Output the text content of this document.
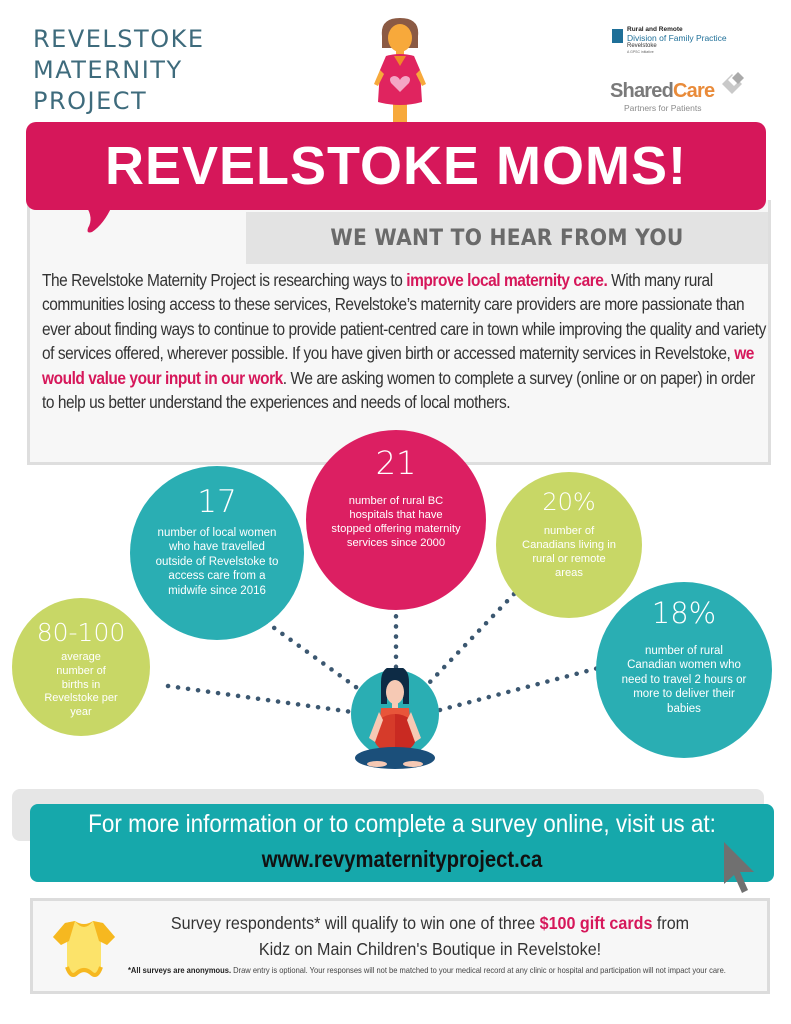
REVELSTOKE
MATERNITY
PROJECT
Rural and Remote
Division of Family Practice
Revelstoke
A GPSC initiative
SharedCare
Partners for Patients
REVELSTOKE MOMS!
WE WANT TO HEAR FROM YOU
The Revelstoke Maternity Project is researching ways to improve local maternity care. With many rural communities losing access to these services, Revelstoke’s maternity care providers are more passionate than ever about finding ways to continue to provide patient-centred care in town while improving the quality and variety of services offered, wherever possible. If you have given birth or accessed maternity services in Revelstoke, we would value your input in our work. We are asking women to complete a survey (online or on paper) in order to help us better understand the experiences and needs of local mothers.
80-100
average number of births in Revelstoke per year
17
number of local women who have travelled outside of Revelstoke to access care from a midwife since 2016
21
number of rural BC hospitals that have stopped offering maternity services since 2000
20%
number of Canadians living in rural or remote areas
18%
number of rural Canadian women who need to travel 2 hours or more to deliver their babies
For more information or to complete a survey online, visit us at:
www.revymaternityproject.ca
Survey respondents* will qualify to win one of three $100 gift cards from
Kidz on Main Children's Boutique in Revelstoke!
*All surveys are anonymous. Draw entry is optional. Your responses will not be matched to your medical record at any clinic or hospital and participation will not impact your care.
